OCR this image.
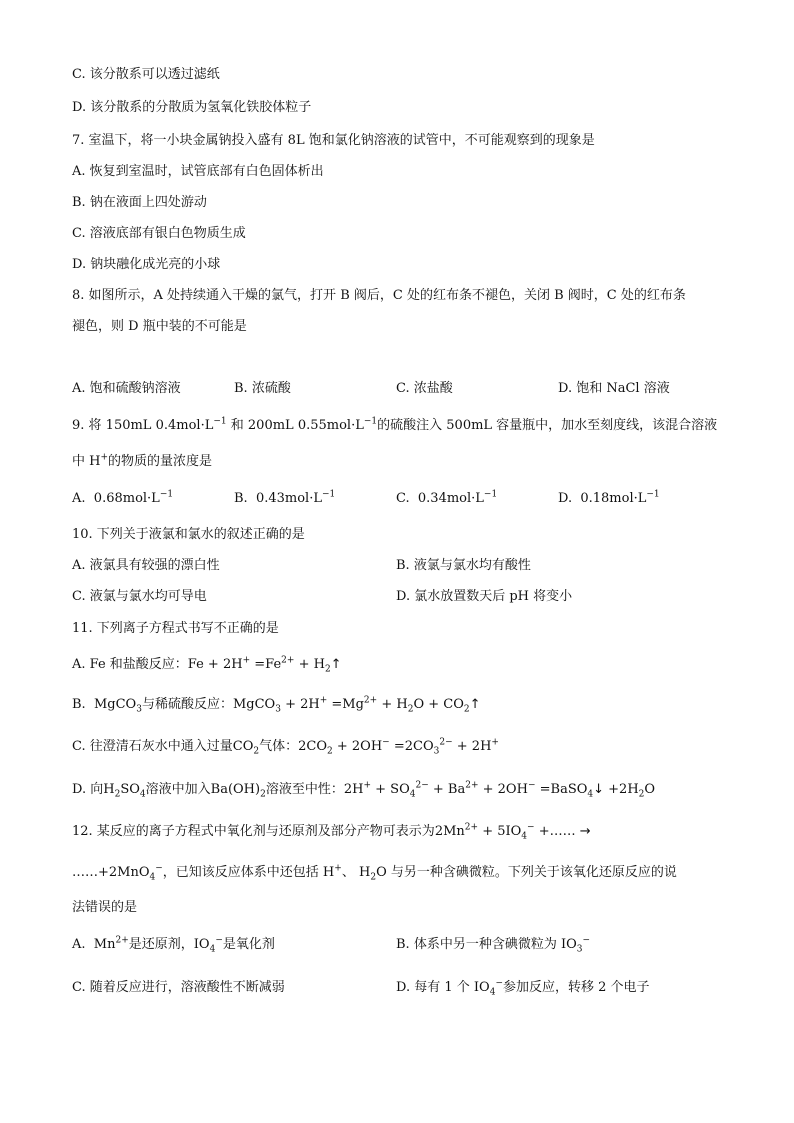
C. 该分散系可以透过滤纸
D. 该分散系的分散质为氢氧化铁胶体粒子
7. 室温下，将一小块金属钠投入盛有 8L 饱和氯化钠溶液的试管中，不可能观察到的现象是
A. 恢复到室温时，试管底部有白色固体析出
B. 钠在液面上四处游动
C. 溶液底部有银白色物质生成
D. 钠块融化成光亮的小球
8. 如图所示，A 处持续通入干燥的氯气，打开 B 阀后，C 处的红布条不褪色，关闭 B 阀时，C 处的红布条
褪色，则 D 瓶中装的不可能是
A. 饱和硫酸钠溶液	B. 浓硫酸	C. 浓盐酸	D. 饱和 NaCl 溶液
9. 将 150mL $0.4mol\cdot L^{-1}$ 和 200mL $0.55mol\cdot L^{-1}$的硫酸注入 500mL 容量瓶中，加水至刻度线，该混合溶液
中 H+的物质的量浓度是
A. $0.68mol\cdot L^{-1}$	B. $0.43mol\cdot L^{-1}$	C. $0.34mol\cdot L^{-1}$	D. $0.18mol\cdot L^{-1}$
10. 下列关于液氯和氯水的叙述正确的是
A. 液氯具有较强的漂白性	B. 液氯与氯水均有酸性
C. 液氯与氯水均可导电	D. 氯水放置数天后 pH 将变小
11. 下列离子方程式书写不正确的是
A. Fe 和盐酸反应：$Fe + 2H^+ =Fe^{2+}$ + $H_2↑$
B.  MgCO$_3$与稀硫酸反应：MgCO$_3$ + $2H^+ =Mg^{2+} + H_2O$ + $CO_2↑$
C. 往澄清石灰水中通入过量$CO_2$气体：$2CO_2 + 2OH^- =2CO_3^{2-} + 2H^+$
D. 向$H_2SO_4$溶液中加入$Ba(OH)_2$溶液至中性：$2H^+ + SO_4^{2-} + Ba^{2+} + 2OH^-$ =BaSO$_4$↓ $+2H_2O$
12. 某反应的离子方程式中氧化剂与还原剂及部分产物可表示为$2Mn^{2+} + 5IO_4^-$ +…… →
……+2MnO$_4$−，已知该反应体系中还包括 H+、 $H_2O$ 与另一种含碘微粒。下列关于该氧化还原反应的说
法错误的是
A.  $Mn^{2+}$是还原剂，$IO_4^-$是氧化剂	B. 体系中另一种含碘微粒为 $IO_3^-$
C. 随着反应进行，溶液酸性不断减弱	D. 每有 1 个 $IO_4^-$参加反应，转移 2 个电子
